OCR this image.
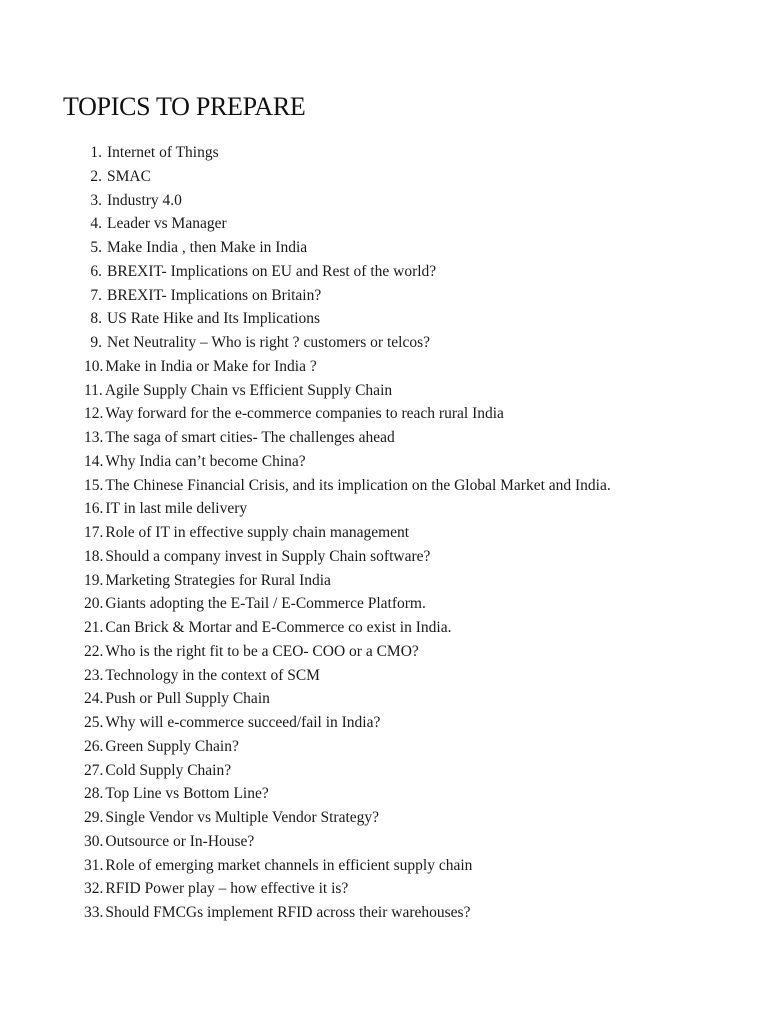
TOPICS TO PREPARE
1. Internet of Things
2. SMAC
3. Industry 4.0
4. Leader vs Manager
5. Make India , then Make in India
6. BREXIT- Implications on EU and Rest of the world?
7. BREXIT- Implications on Britain?
8. US Rate Hike and Its Implications
9. Net Neutrality – Who is right ? customers or telcos?
10. Make in India or Make for India ?
11. Agile Supply Chain vs Efficient Supply Chain
12. Way forward for the e-commerce companies to reach rural India
13. The saga of smart cities- The challenges ahead
14. Why India can’t become China?
15. The Chinese Financial Crisis, and its implication on the Global Market and India.
16. IT in last mile delivery
17. Role of IT in effective supply chain management
18. Should a company invest in Supply Chain software?
19. Marketing Strategies for Rural India
20. Giants adopting the E-Tail / E-Commerce Platform.
21. Can Brick & Mortar and E-Commerce co exist in India.
22. Who is the right fit to be a CEO- COO or a CMO?
23. Technology in the context of SCM
24. Push or Pull Supply Chain
25. Why will e-commerce succeed/fail in India?
26. Green Supply Chain?
27. Cold Supply Chain?
28. Top Line vs Bottom Line?
29. Single Vendor vs Multiple Vendor Strategy?
30. Outsource or In-House?
31. Role of emerging market channels in efficient supply chain
32. RFID Power play – how effective it is?
33. Should FMCGs implement RFID across their warehouses?
